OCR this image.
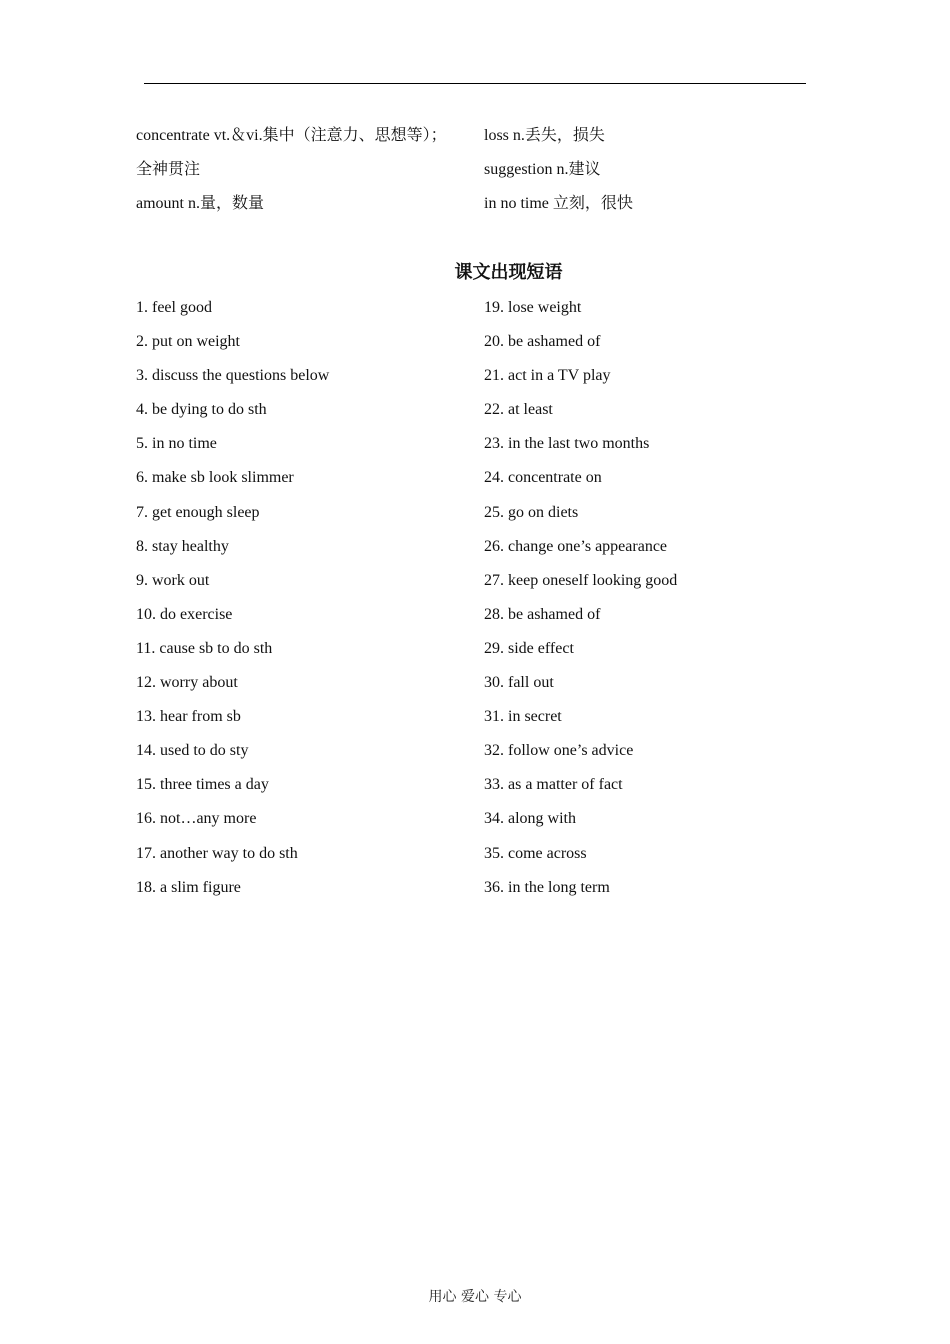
concentrate vt.＆vi.集中（注意力、思想等）； loss n.丢失，损失
全神贯注	suggestion n.建议
amount n.量，数量	in no time 立刻，很快
课文出现短语
1. feel good	19. lose weight
2. put on weight	20. be ashamed of
3. discuss the questions below	21. act in a TV play
4. be dying to do sth	22. at least
5. in no time	23. in the last two months
6. make sb look slimmer	24. concentrate on
7. get enough sleep	25. go on diets
8. stay healthy	26. change one’s appearance
9. work out	27. keep oneself looking good
10. do exercise	28. be ashamed of
11. cause sb to do sth	29. side effect
12. worry about	30. fall out
13. hear from sb	31. in secret
14. used to do sty	32. follow one’s advice
15. three times a day	33. as a matter of fact
16. not…any more	34. along with
17. another way to do sth	35. come across
18. a slim figure	36. in the long term
用心 爱心 专心
